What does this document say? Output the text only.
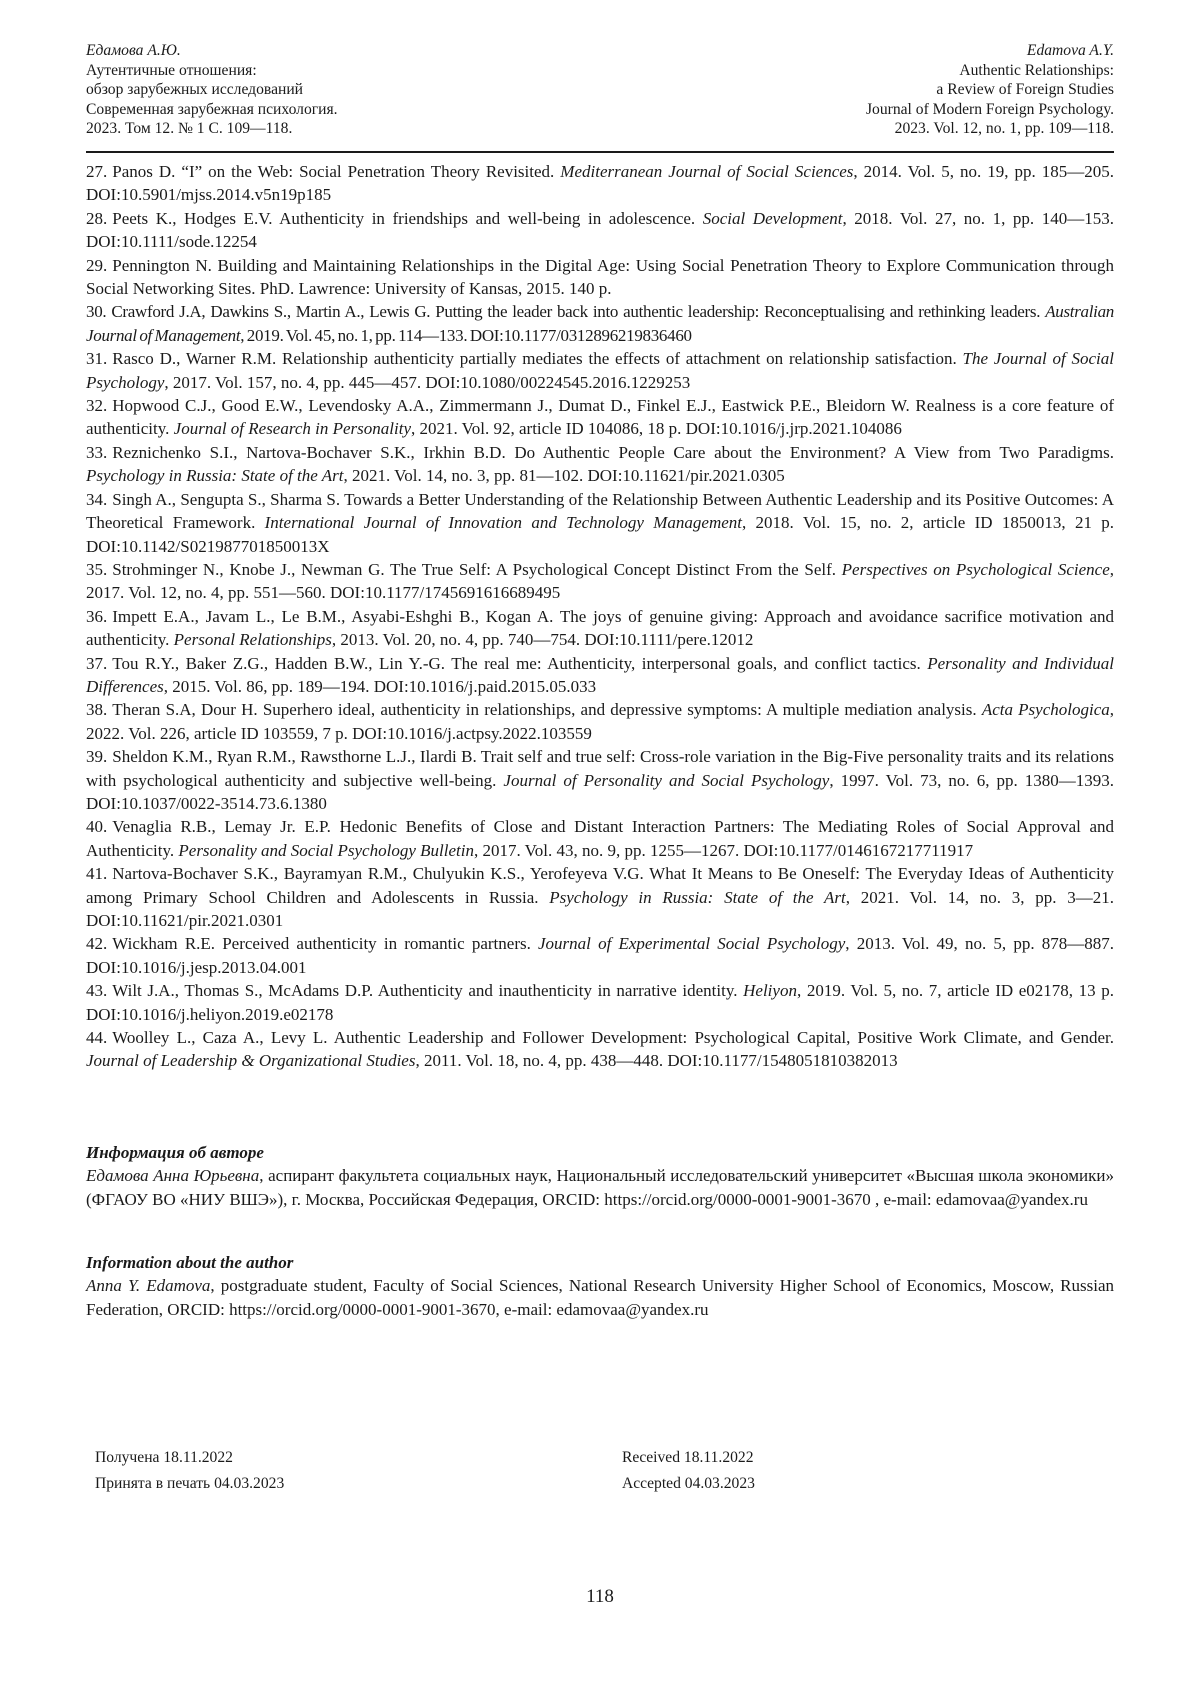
Едамова А.Ю.
Аутентичные отношения:
обзор зарубежных исследований
Современная зарубежная психология.
2023. Том 12. № 1 С. 109—118.
Edamova A.Y.
Authentic Relationships:
a Review of Foreign Studies
Journal of Modern Foreign Psychology.
2023. Vol. 12, no. 1, pp. 109—118.

27. Panos D. “I” on the Web: Social Penetration Theory Revisited. Mediterranean Journal of Social Sciences, 2014. Vol. 5, no. 19, pp. 185—205. DOI:10.5901/mjss.2014.v5n19p185

28. Peets K., Hodges E.V. Authenticity in friendships and well-being in adolescence. Social Development, 2018. Vol. 27, no. 1, pp. 140—153. DOI:10.1111/sode.12254

29. Pennington N. Building and Maintaining Relationships in the Digital Age: Using Social Penetration Theory to Explore Communication through Social Networking Sites. PhD. Lawrence: University of Kansas, 2015. 140 p.

30. Crawford J.A, Dawkins S., Martin A., Lewis G. Putting the leader back into authentic leadership: Reconceptualising and rethinking leaders. Australian Journal of Management, 2019. Vol. 45, no. 1, pp. 114—133. DOI:10.1177/0312896219836460

31. Rasco D., Warner R.M. Relationship authenticity partially mediates the effects of attachment on relationship satisfaction. The Journal of Social Psychology, 2017. Vol. 157, no. 4, pp. 445—457. DOI:10.1080/00224545.2016.1229253

32. Hopwood C.J., Good E.W., Levendosky A.A., Zimmermann J., Dumat D., Finkel E.J., Eastwick P.E., Bleidorn W. Realness is a core feature of authenticity. Journal of Research in Personality, 2021. Vol. 92, article ID 104086, 18 p. DOI:10.1016/j.jrp.2021.104086

33. Reznichenko S.I., Nartova-Bochaver S.K., Irkhin B.D. Do Authentic People Care about the Environment? A View from Two Paradigms. Psychology in Russia: State of the Art, 2021. Vol. 14, no. 3, pp. 81—102. DOI:10.11621/pir.2021.0305

34. Singh A., Sengupta S., Sharma S. Towards a Better Understanding of the Relationship Between Authentic Leadership and its Positive Outcomes: A Theoretical Framework. International Journal of Innovation and Technology Management, 2018. Vol. 15, no. 2, article ID 1850013, 21 p. DOI:10.1142/S021987701850013X

35. Strohminger N., Knobe J., Newman G. The True Self: A Psychological Concept Distinct From the Self. Perspectives on Psychological Science, 2017. Vol. 12, no. 4, pp. 551—560. DOI:10.1177/1745691616689495

36. Impett E.A., Javam L., Le B.M., Asyabi-Eshghi B., Kogan A. The joys of genuine giving: Approach and avoidance sacrifice motivation and authenticity. Personal Relationships, 2013. Vol. 20, no. 4, pp. 740—754. DOI:10.1111/pere.12012

37. Tou R.Y., Baker Z.G., Hadden B.W., Lin Y.-G. The real me: Authenticity, interpersonal goals, and conflict tactics. Personality and Individual Differences, 2015. Vol. 86, pp. 189—194. DOI:10.1016/j.paid.2015.05.033

38. Theran S.A, Dour H. Superhero ideal, authenticity in relationships, and depressive symptoms: A multiple mediation analysis. Acta Psychologica, 2022. Vol. 226, article ID 103559, 7 p. DOI:10.1016/j.actpsy.2022.103559

39. Sheldon K.M., Ryan R.M., Rawsthorne L.J., Ilardi B. Trait self and true self: Cross-role variation in the Big-Five personality traits and its relations with psychological authenticity and subjective well-being. Journal of Personality and Social Psychology, 1997. Vol. 73, no. 6, pp. 1380—1393. DOI:10.1037/0022-3514.73.6.1380

40. Venaglia R.B., Lemay Jr. E.P. Hedonic Benefits of Close and Distant Interaction Partners: The Mediating Roles of Social Approval and Authenticity. Personality and Social Psychology Bulletin, 2017. Vol. 43, no. 9, pp. 1255—1267. DOI:10.1177/0146167217711917

41. Nartova-Bochaver S.K., Bayramyan R.M., Chulyukin K.S., Yerofeyeva V.G. What It Means to Be Oneself: The Everyday Ideas of Authenticity among Primary School Children and Adolescents in Russia. Psychology in Russia: State of the Art, 2021. Vol. 14, no. 3, pp. 3—21. DOI:10.11621/pir.2021.0301

42. Wickham R.E. Perceived authenticity in romantic partners. Journal of Experimental Social Psychology, 2013. Vol. 49, no. 5, pp. 878—887. DOI:10.1016/j.jesp.2013.04.001

43. Wilt J.A., Thomas S., McAdams D.P. Authenticity and inauthenticity in narrative identity. Heliyon, 2019. Vol. 5, no. 7, article ID e02178, 13 p. DOI:10.1016/j.heliyon.2019.e02178

44. Woolley L., Caza A., Levy L. Authentic Leadership and Follower Development: Psychological Capital, Positive Work Climate, and Gender. Journal of Leadership & Organizational Studies, 2011. Vol. 18, no. 4, pp. 438—448. DOI:10.1177/1548051810382013

Информация об авторе
Едамова Анна Юрьевна, аспирант факультета социальных наук, Национальный исследовательский университет «Высшая школа экономики» (ФГАОУ ВО «НИУ ВШЭ»), г. Москва, Российская Федерация, ORCID: https://orcid.org/0000-0001-9001-3670 , e-mail: edamovaa@yandex.ru
Information about the author
Anna Y. Edamova, postgraduate student, Faculty of Social Sciences, National Research University Higher School of Economics, Moscow, Russian Federation, ORCID: https://orcid.org/0000-0001-9001-3670, e-mail: edamovaa@yandex.ru
Получена 18.11.2022
Принята в печать 04.03.2023
Received 18.11.2022
Accepted 04.03.2023
118
